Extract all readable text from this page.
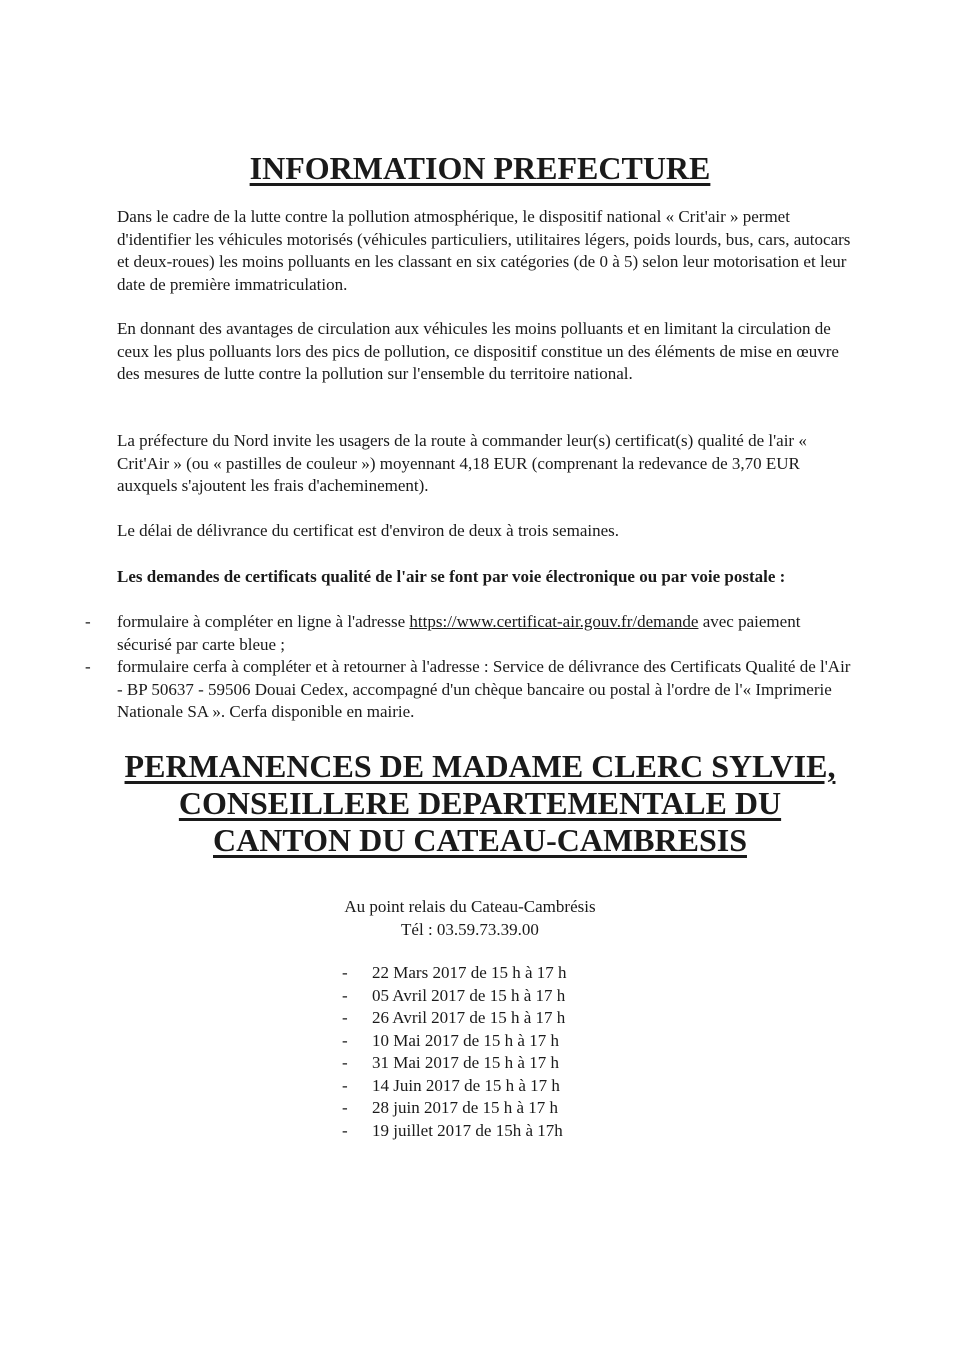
INFORMATION PREFECTURE

Dans le cadre de la lutte contre la pollution atmosphérique, le dispositif national « Crit'air » permet d'identifier les véhicules motorisés (véhicules particuliers, utilitaires légers, poids lourds, bus, cars, autocars et deux-roues) les moins polluants en les classant en six catégories (de 0 à 5) selon leur motorisation et leur date de première immatriculation.

En donnant des avantages de circulation aux véhicules les moins polluants et en limitant la circulation de ceux les plus polluants lors des pics de pollution, ce dispositif constitue un des éléments de mise en œuvre des mesures de lutte contre la pollution sur l'ensemble du territoire national.

La préfecture du Nord invite les usagers de la route à commander leur(s) certificat(s) qualité de l'air « Crit'Air » (ou « pastilles de couleur ») moyennant 4,18 EUR (comprenant la redevance de 3,70 EUR auxquels s'ajoutent les frais d'acheminement).

Le délai de délivrance du certificat est d'environ de deux à trois semaines.

Les demandes de certificats qualité de l'air se font par voie électronique ou par voie postale :

- formulaire à compléter en ligne à l'adresse https://www.certificat-air.gouv.fr/demande avec paiement sécurisé par carte bleue ;
- formulaire cerfa à compléter et à retourner à l'adresse : Service de délivrance des Certificats Qualité de l'Air - BP 50637 - 59506 Douai Cedex, accompagné d'un chèque bancaire ou postal à l'ordre de l'« Imprimerie Nationale SA ». Cerfa disponible en mairie.
PERMANENCES DE MADAME CLERC SYLVIE,
CONSEILLERE DEPARTEMENTALE DU
CANTON DU CATEAU-CAMBRESIS
Au point relais du Cateau-Cambrésis
Tél : 03.59.73.39.00
- 22 Mars 2017 de 15 h à 17 h
- 05 Avril 2017 de 15 h à 17 h
- 26 Avril 2017 de 15 h à 17 h
- 10 Mai 2017 de 15 h à 17 h
- 31 Mai 2017 de 15 h à 17 h
- 14 Juin 2017 de 15 h à 17 h
- 28 juin 2017 de 15 h à 17 h
- 19 juillet 2017 de 15h à 17h
